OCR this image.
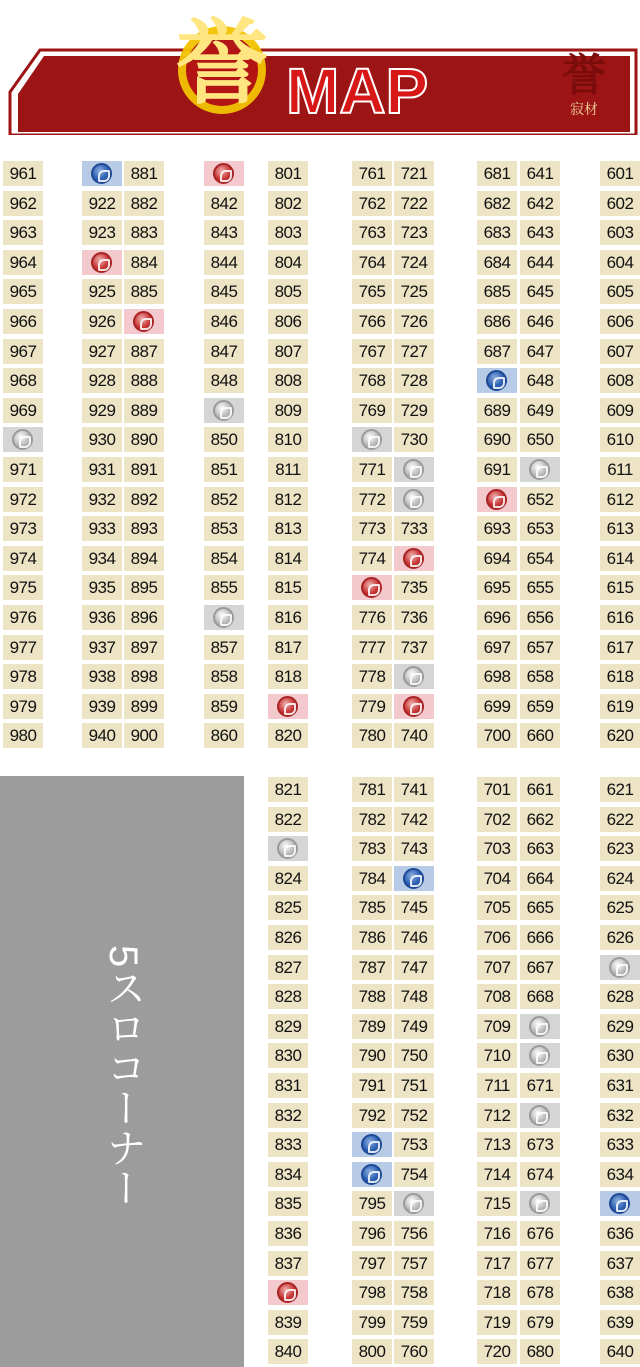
誉 MAP	誉
寂材
5スロコーナー
961
962
963
964
965
966
967
968
969
971
972
973
974
975
976
977
978
979
980
922
923
925
926
927
928
929
930
931
932
933
934
935
936
937
938
939
940
881
882
883
884
885
887
888
889
890
891
892
893
894
895
896
897
898
899
900
842
843
844
845
846
847
848
850
851
852
853
854
855
857
858
859
860
801
802
803
804
805
806
807
808
809
810
811
812
813
814
815
816
817
818
820
761
762
763
764
765
766
767
768
769
771
772
773
774
776
777
778
779
780
721
722
723
724
725
726
727
728
729
730
733
735
736
737
740
681
682
683
684
685
686
687
689
690
691
693
694
695
696
697
698
699
700
641
642
643
644
645
646
647
648
649
650
652
653
654
655
656
657
658
659
660
601
602
603
604
605
606
607
608
609
610
611
612
613
614
615
616
617
618
619
620
821
822
824
825
826
827
828
829
830
831
832
833
834
835
836
837
839
840
781
782
783
784
785
786
787
788
789
790
791
792
795
796
797
798
799
800
741
742
743
745
746
747
748
749
750
751
752
753
754
756
757
758
759
760
701
702
703
704
705
706
707
708
709
710
711
712
713
714
715
716
717
718
719
720
661
662
663
664
665
666
667
668
671
673
674
676
677
678
679
680
621
622
623
624
625
626
628
629
630
631
632
633
634
636
637
638
639
640
